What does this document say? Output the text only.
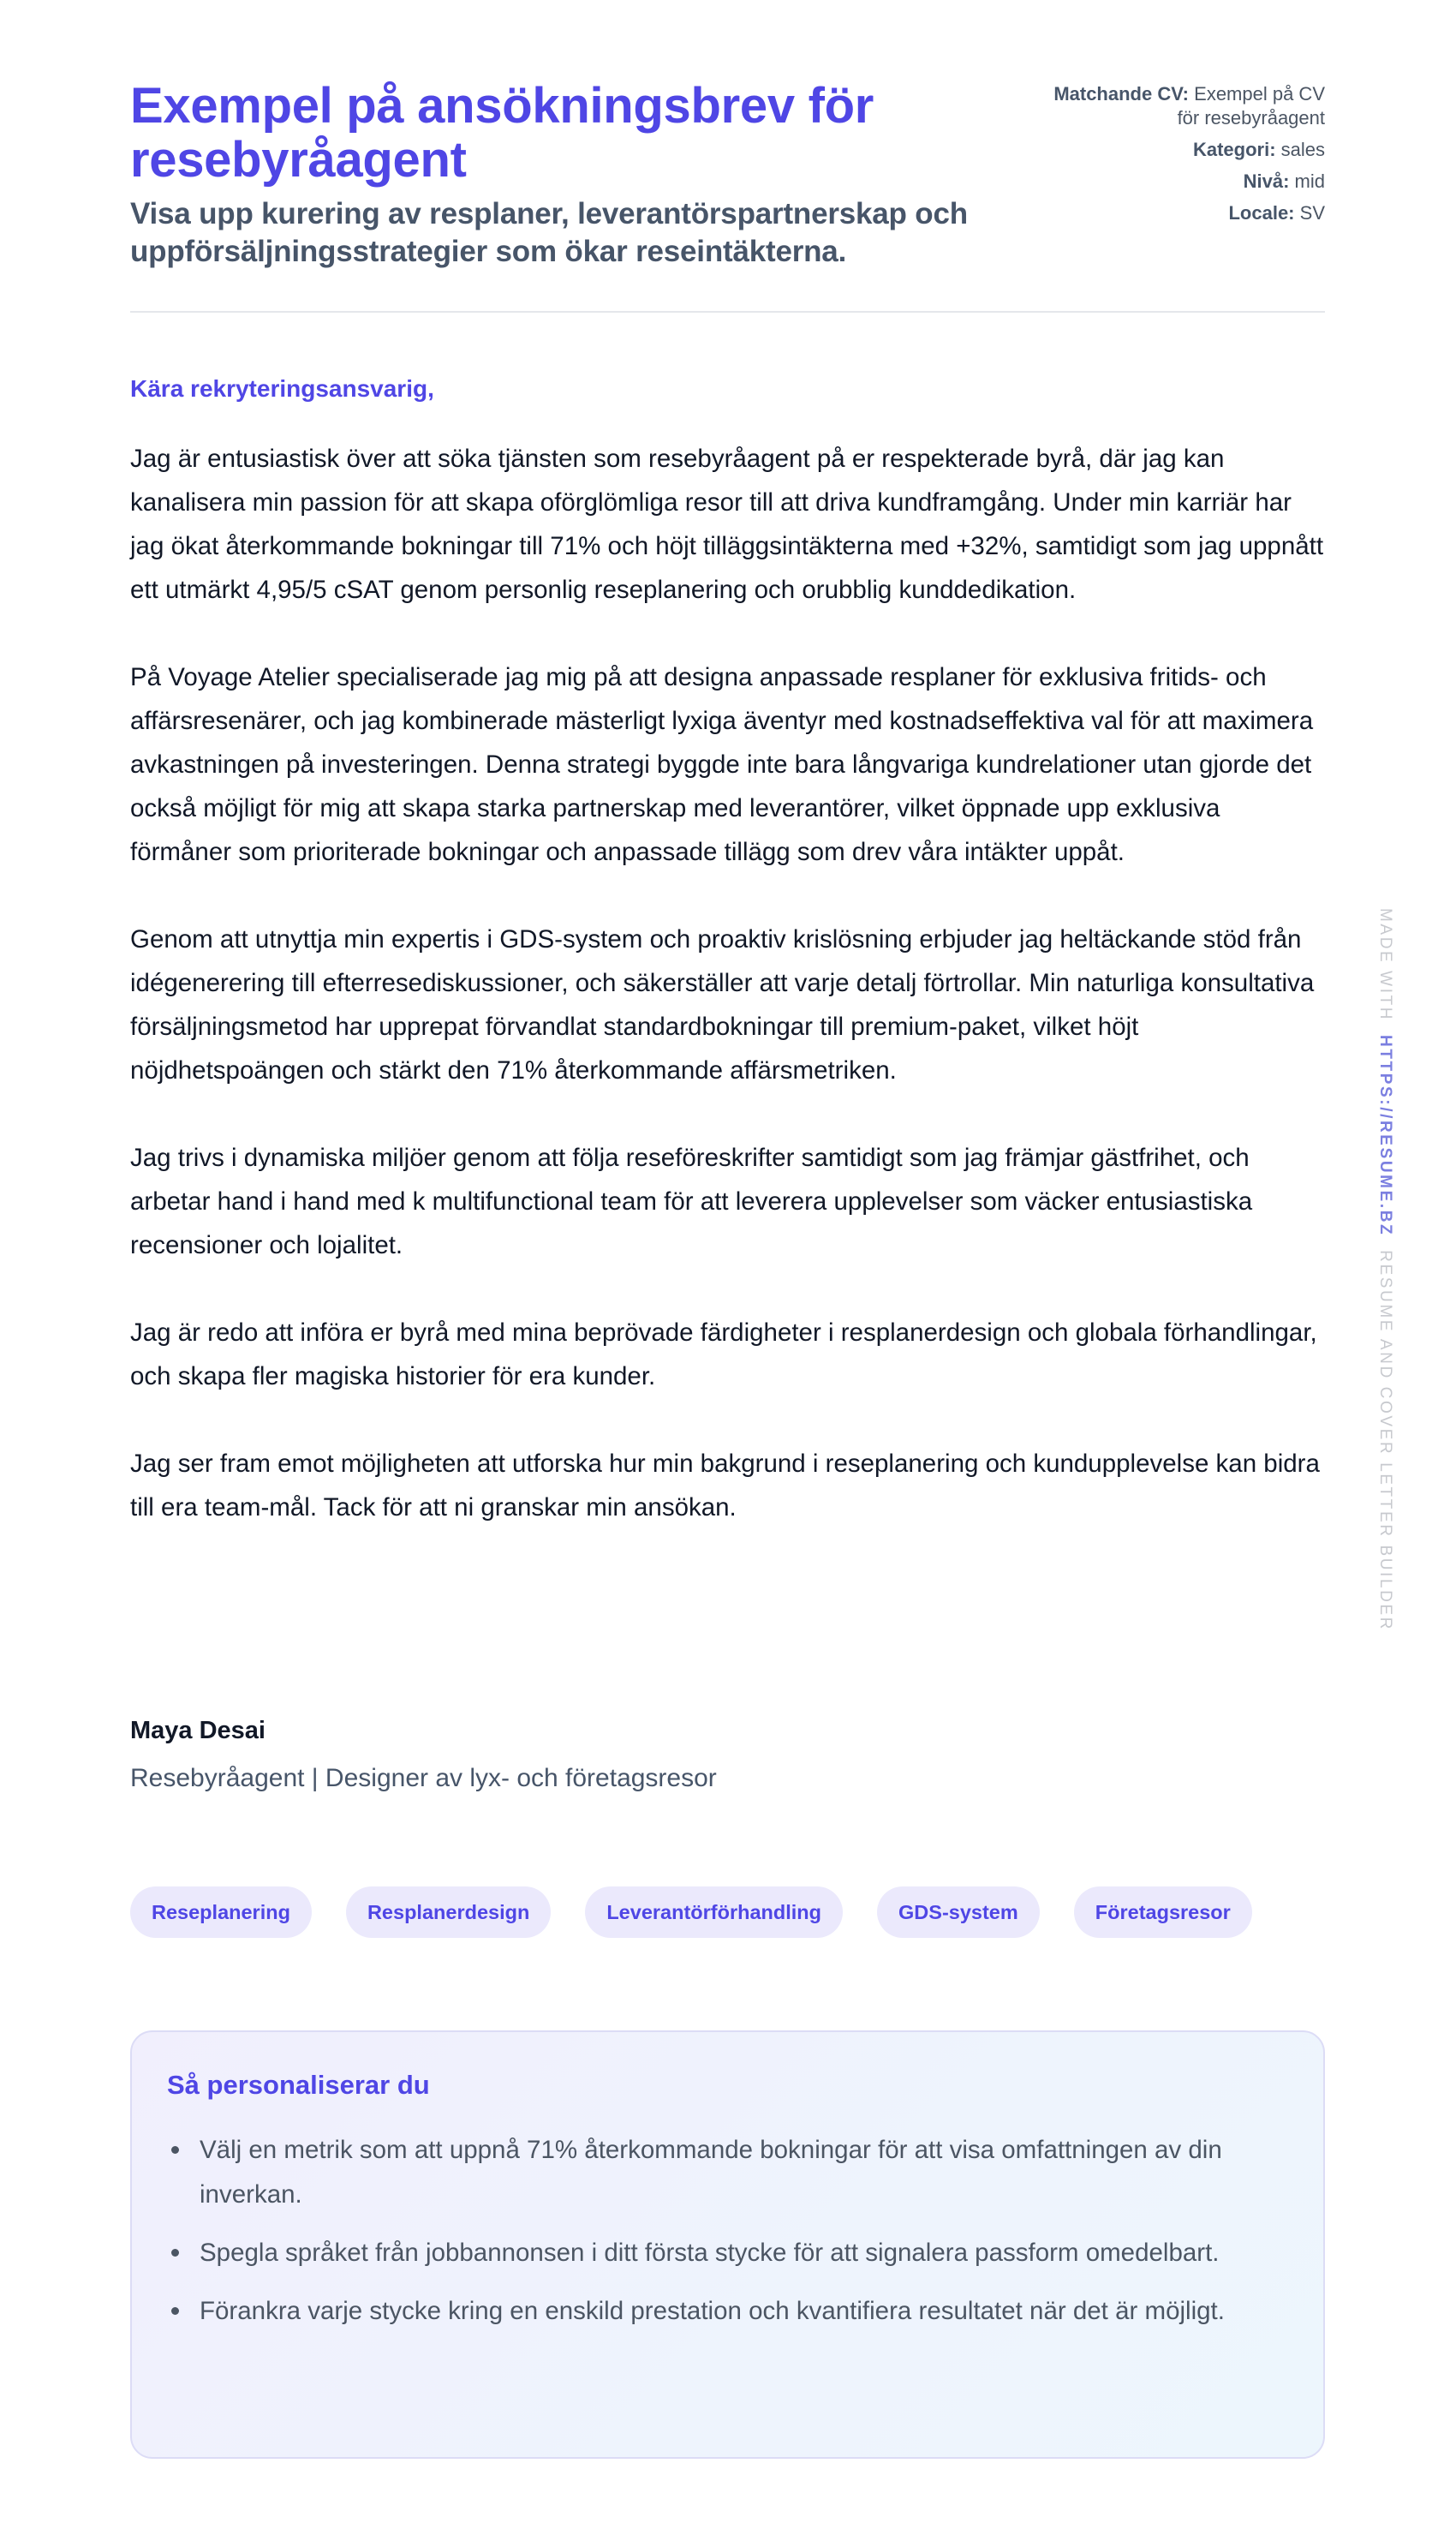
Exempel på ansökningsbrev för resebyråagent
Visa upp kurering av resplaner, leverantörspartnerskap och uppförsäljningsstrategier som ökar reseintäkterna.
Matchande CV: Exempel på CV för resebyråagent
Kategori: sales
Nivå: mid
Locale: SV
Kära rekryteringsansvarig,

Jag är entusiastisk över att söka tjänsten som resebyråagent på er respekterade byrå, där jag kan kanalisera min passion för att skapa oförglömliga resor till att driva kundframgång. Under min karriär har jag ökat återkommande bokningar till 71% och höjt tilläggsintäkterna med +32%, samtidigt som jag uppnått ett utmärkt 4,95/5 cSAT genom personlig reseplanering och orubblig kunddedikation.

På Voyage Atelier specialiserade jag mig på att designa anpassade resplaner för exklusiva fritids- och affärsresenärer, och jag kombinerade mästerligt lyxiga äventyr med kostnadseffektiva val för att maximera avkastningen på investeringen. Denna strategi byggde inte bara långvariga kundrelationer utan gjorde det också möjligt för mig att skapa starka partnerskap med leverantörer, vilket öppnade upp exklusiva förmåner som prioriterade bokningar och anpassade tillägg som drev våra intäkter uppåt.

Genom att utnyttja min expertis i GDS-system och proaktiv krislösning erbjuder jag heltäckande stöd från idégenerering till efterresediskussioner, och säkerställer att varje detalj förtrollar. Min naturliga konsultativa försäljningsmetod har upprepat förvandlat standardbokningar till premium-paket, vilket höjt nöjdhetspoängen och stärkt den 71% återkommande affärsmetriken.

Jag trivs i dynamiska miljöer genom att följa reseföreskrifter samtidigt som jag främjar gästfrihet, och arbetar hand i hand med k multifunctional team för att leverera upplevelser som väcker entusiastiska recensioner och lojalitet.

Jag är redo att införa er byrå med mina beprövade färdigheter i resplanerdesign och globala förhandlingar, och skapa fler magiska historier för era kunder.

Jag ser fram emot möjligheten att utforska hur min bakgrund i reseplanering och kundupplevelse kan bidra till era team-mål. Tack för att ni granskar min ansökan.

Maya Desai
Resebyråagent | Designer av lyx- och företagsresor
Reseplanering	Resplanerdesign	Leverantörförhandling	GDS-system	Företagsresor
Så personaliserar du
Välj en metrik som att uppnå 71% återkommande bokningar för att visa omfattningen av din inverkan.
Spegla språket från jobbannonsen i ditt första stycke för att signalera passform omedelbart.
Förankra varje stycke kring en enskild prestation och kvantifiera resultatet när det är möjligt.
MADE WITH HTTPS://RESUME.BZ RESUME AND COVER LETTER BUILDER
